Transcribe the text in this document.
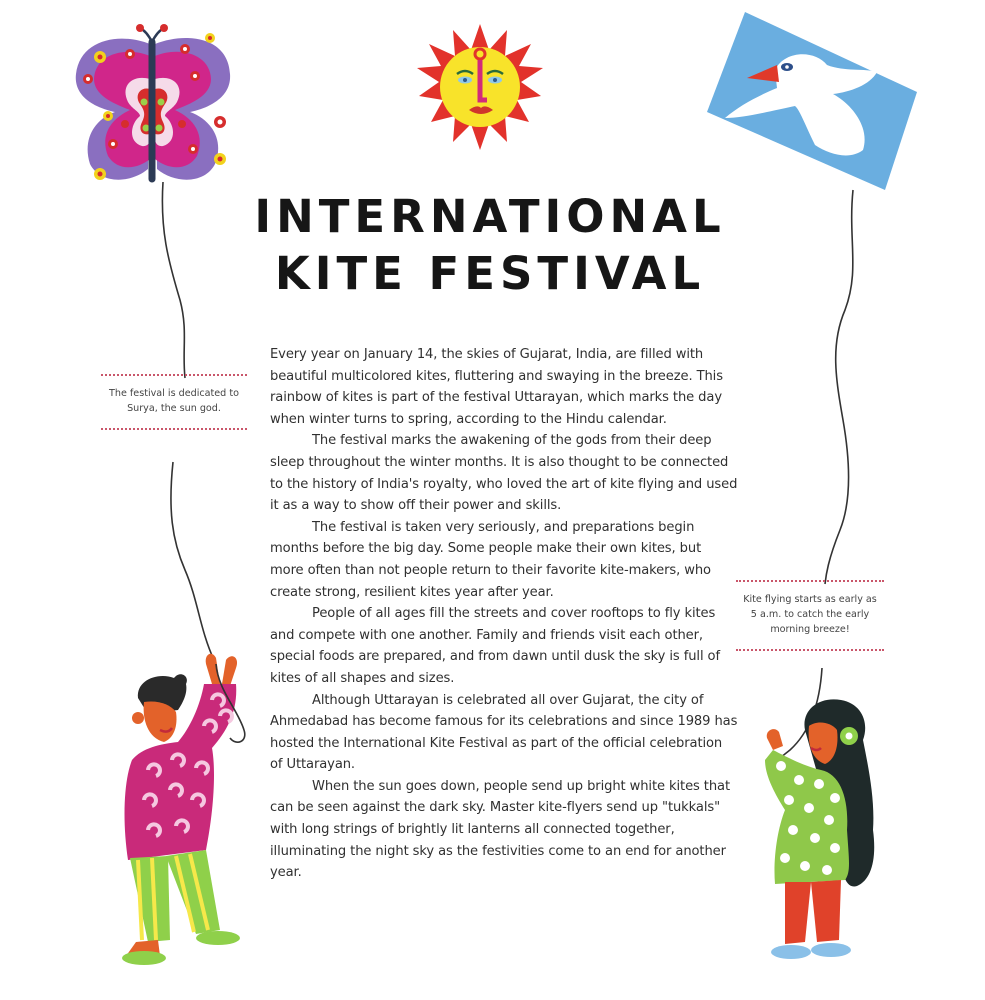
INTERNATIONAL
KITE FESTIVAL
The festival is dedicated to Surya, the sun god.
Kite flying starts as early as 5 a.m. to catch the early morning breeze!

Every year on January 14, the skies of Gujarat, India, are filled with beautiful multicolored kites, fluttering and swaying in the breeze. This rainbow of kites is part of the festival Uttarayan, which marks the day when winter turns to spring, according to the Hindu calendar.

The festival marks the awakening of the gods from their deep sleep throughout the winter months. It is also thought to be connected to the history of India's royalty, who loved the art of kite flying and used it as a way to show off their power and skills.

The festival is taken very seriously, and preparations begin months before the big day. Some people make their own kites, but more often than not people return to their favorite kite-makers, who create strong, resilient kites year after year.

People of all ages fill the streets and cover rooftops to fly kites and compete with one another. Family and friends visit each other, special foods are prepared, and from dawn until dusk the sky is full of kites of all shapes and sizes.

Although Uttarayan is celebrated all over Gujarat, the city of Ahmedabad has become famous for its celebrations and since 1989 has hosted the International Kite Festival as part of the official celebration of Uttarayan.

When the sun goes down, people send up bright white kites that can be seen against the dark sky. Master kite-flyers send up "tukkals" with long strings of brightly lit lanterns all connected together, illuminating the night sky as the festivities come to an end for another year.
